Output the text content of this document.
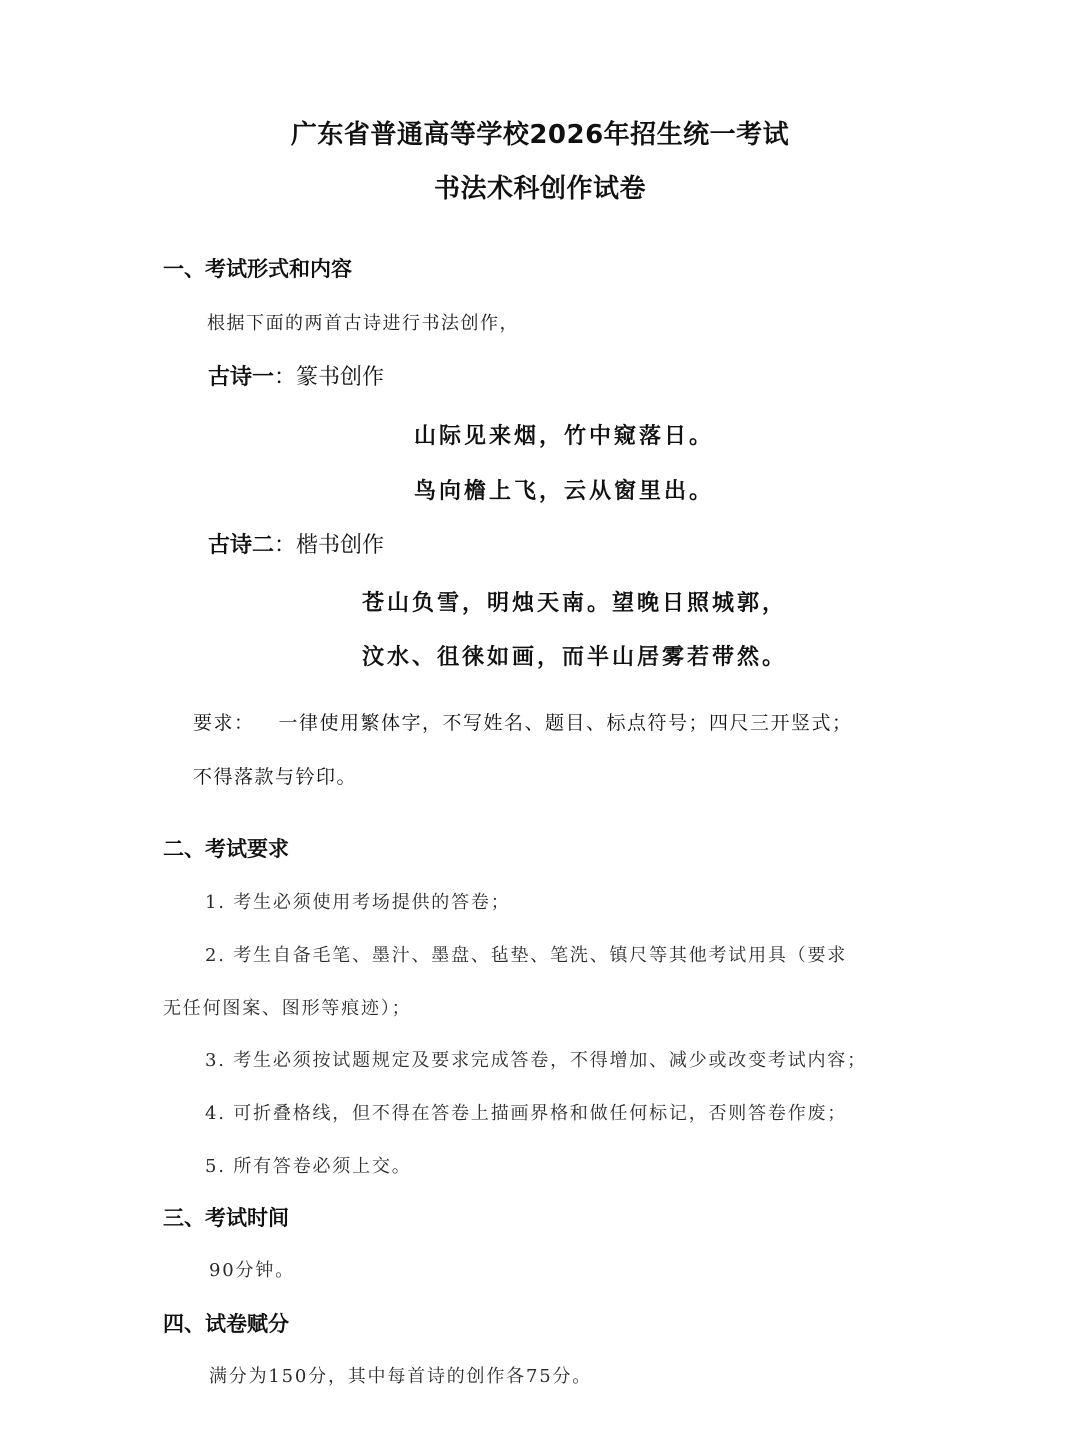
广东省普通高等学校2026年招生统一考试
书法术科创作试卷
一、考试形式和内容
根据下面的两首古诗进行书法创作，
古诗一：篆书创作
山际见来烟，竹中窥落日。
鸟向檐上飞，云从窗里出。
古诗二：楷书创作
苍山负雪，明烛天南。望晚日照城郭，
汶水、徂徕如画，而半山居雾若带然。
要求： 一律使用繁体字，不写姓名、题目、标点符号；四尺三开竖式；
不得落款与钤印。
二、考试要求
1. 考生必须使用考场提供的答卷；
2. 考生自备毛笔、墨汁、墨盘、毡垫、笔洗、镇尺等其他考试用具（要求
无任何图案、图形等痕迹）；
3. 考生必须按试题规定及要求完成答卷，不得增加、减少或改变考试内容；
4. 可折叠格线，但不得在答卷上描画界格和做任何标记，否则答卷作废；
5. 所有答卷必须上交。
三、考试时间
90分钟。
四、试卷赋分
满分为150分，其中每首诗的创作各75分。
